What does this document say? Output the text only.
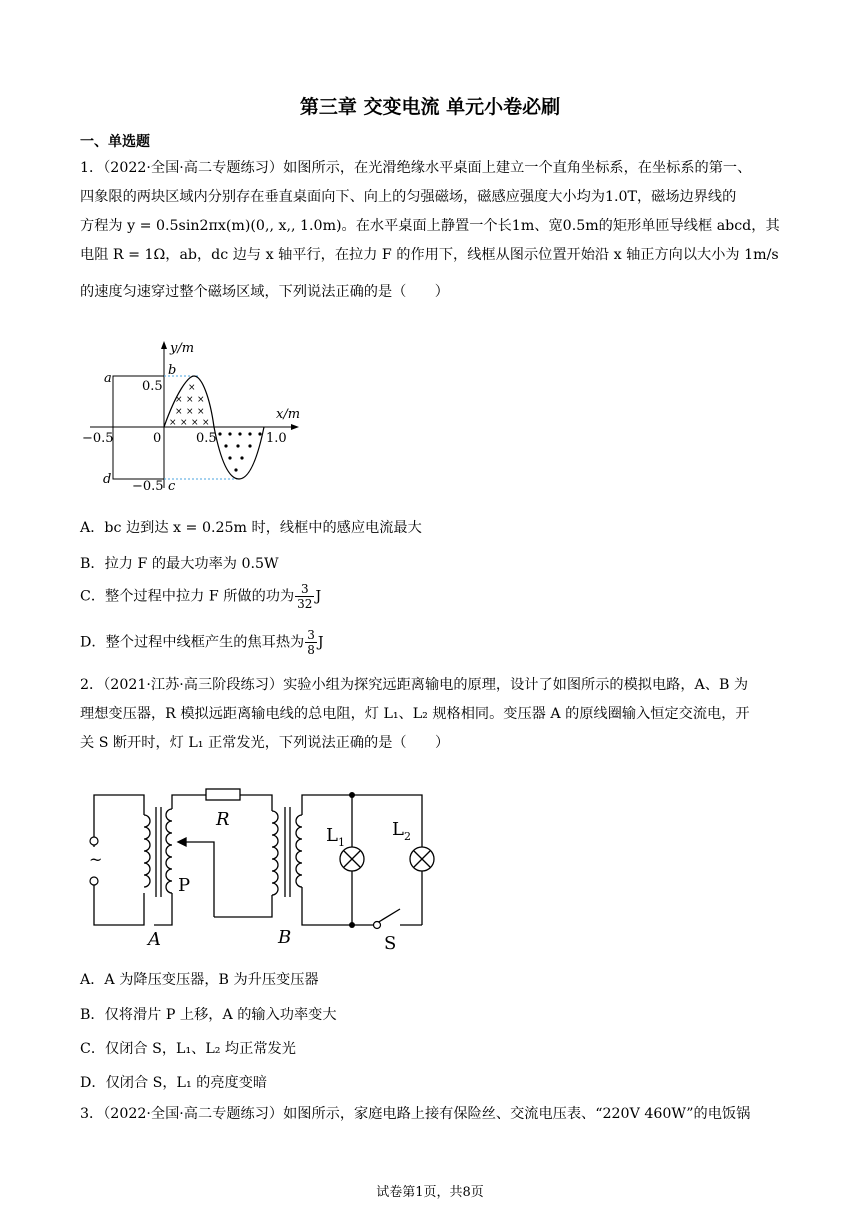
第三章 交变电流 单元小卷必刷
一、单选题
1．（2022·全国·高二专题练习）如图所示，在光滑绝缘水平桌面上建立一个直角坐标系，在坐标系的第一、
四象限的两块区域内分别存在垂直桌面向下、向上的匀强磁场，磁感应强度大小均为1.0T，磁场边界线的
方程为 y = 0.5sin2πx(m)(0,, x,, 1.0m)。在水平桌面上静置一个长1m、宽0.5m的矩形单匝导线框 abcd，其
电阻 R = 1Ω，ab，dc 边与 x 轴平行，在拉力 F 的作用下，线框从图示位置开始沿 x 轴正方向以大小为 1m/s
的速度匀速穿过整个磁场区域，下列说法正确的是（　　）
×
× × ×
× × ×
× × × ×
y/m
x/m
0.5
−0.5
0	0.5	1.0
−0.5
a
b
c
d
A．bc 边到达 x = 0.25m 时，线框中的感应电流最大
B．拉力 F 的最大功率为 0.5W
C．整个过程中拉力 F 所做的功为 $\frac{3}{32}$ J
D．整个过程中线框产生的焦耳热为 $\frac{3}{8}$ J
2．（2021·江苏·高三阶段练习）实验小组为探究远距离输电的原理，设计了如图所示的模拟电路，A、B 为
理想变压器，R 模拟远距离输电线的总电阻，灯 L₁、L₂ 规格相同。变压器 A 的原线圈输入恒定交流电，开
关 S 断开时，灯 L₁ 正常发光，下列说法正确的是（　　）
~
R
P
A	B
$L_1$
$L_2$
S
A．A 为降压变压器，B 为升压变压器
B．仅将滑片 P 上移，A 的输入功率变大
C．仅闭合 S，L₁、L₂ 均正常发光
D．仅闭合 S，L₁ 的亮度变暗
3．（2022·全国·高二专题练习）如图所示，家庭电路上接有保险丝、交流电压表、“220V 460W”的电饭锅
试卷第1页，共8页
